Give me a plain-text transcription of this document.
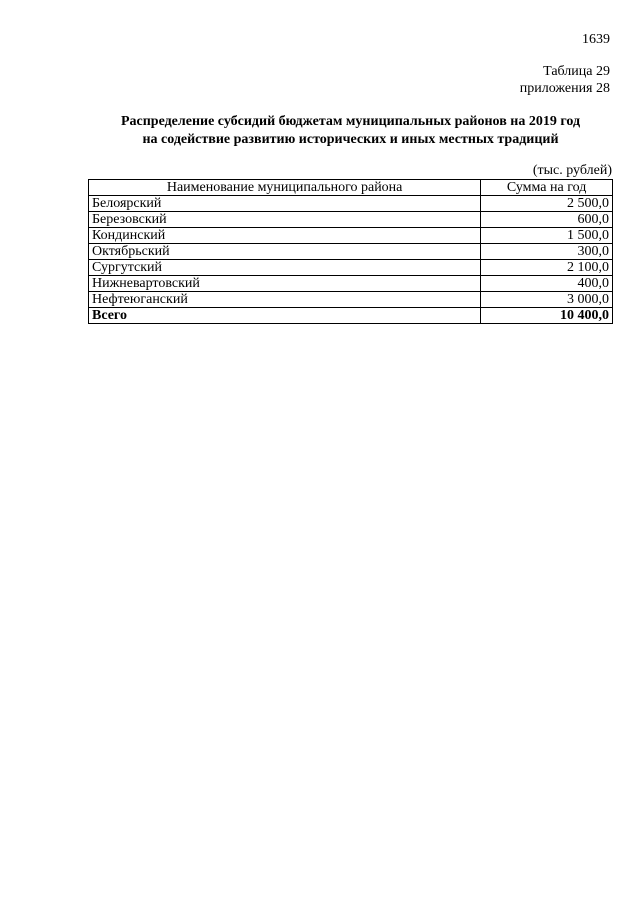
1639
Таблица 29
приложения 28
Распределение субсидий бюджетам муниципальных районов на 2019 год
на содействие развитию исторических и иных местных традиций
(тыс. рублей)
Наименование муниципального района	Сумма на год
Белоярский	2 500,0
Березовский	600,0
Кондинский	1 500,0
Октябрьский	300,0
Сургутский	2 100,0
Нижневартовский	400,0
Нефтеюганский	3 000,0
Всего	10 400,0
